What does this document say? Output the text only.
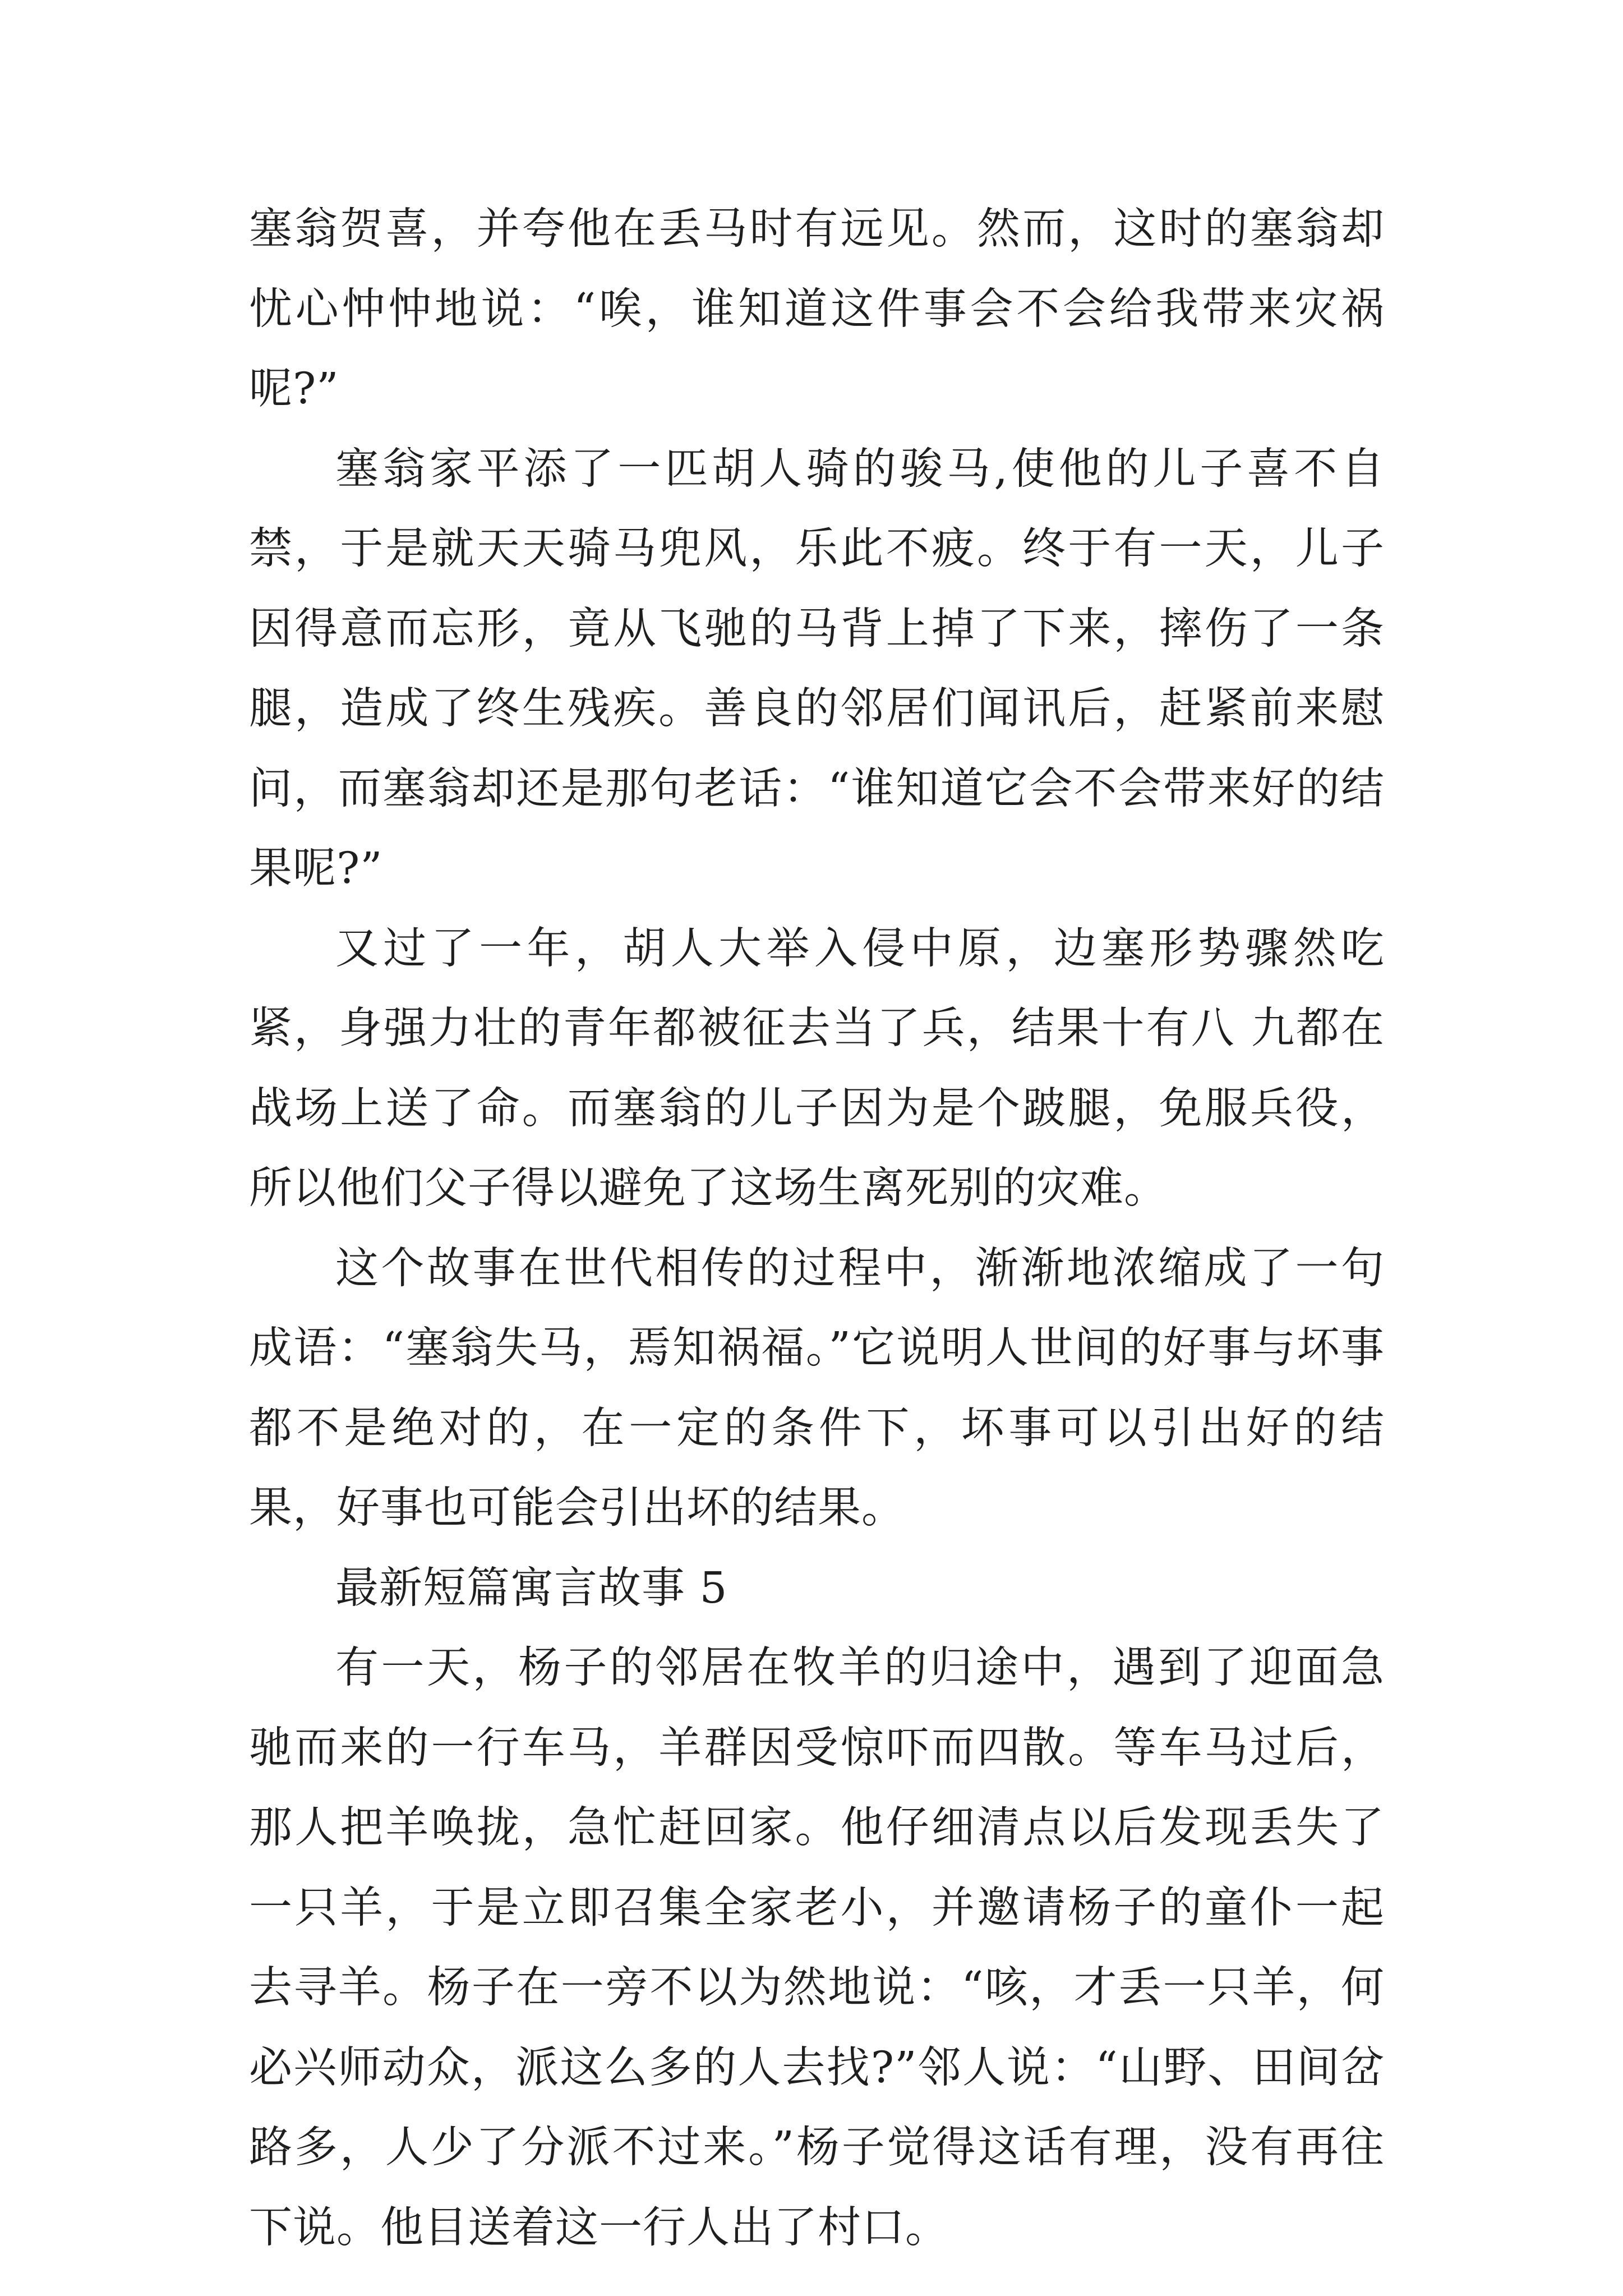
塞翁贺喜，并夸他在丢马时有远见。然而，这时的塞翁却忧心忡忡地说：“唉，谁知道这件事会不会给我带来灾祸呢?”

塞翁家平添了一匹胡人骑的骏马,使他的儿子喜不自禁，于是就天天骑马兜风，乐此不疲。终于有一天，儿子因得意而忘形，竟从飞驰的马背上掉了下来，摔伤了一条腿，造成了终生残疾。善良的邻居们闻讯后，赶紧前来慰问，而塞翁却还是那句老话：“谁知道它会不会带来好的结果呢?”

又过了一年，胡人大举入侵中原，边塞形势骤然吃紧，身强力壮的青年都被征去当了兵，结果十有八 九都在战场上送了命。而塞翁的儿子因为是个跛腿，免服兵役，所以他们父子得以避免了这场生离死别的灾难。

这个故事在世代相传的过程中，渐渐地浓缩成了一句成语：“塞翁失马，焉知祸福。”它说明人世间的好事与坏事都不是绝对的，在一定的条件下，坏事可以引出好的结果，好事也可能会引出坏的结果。

最新短篇寓言故事 5

有一天，杨子的邻居在牧羊的归途中，遇到了迎面急驰而来的一行车马，羊群因受惊吓而四散。等车马过后，那人把羊唤拢，急忙赶回家。他仔细清点以后发现丢失了一只羊，于是立即召集全家老小，并邀请杨子的童仆一起去寻羊。杨子在一旁不以为然地说：“咳，才丢一只羊，何必兴师动众，派这么多的人去找?”邻人说：“山野、田间岔路多，人少了分派不过来。”杨子觉得这话有理，没有再往下说。他目送着这一行人出了村口。
